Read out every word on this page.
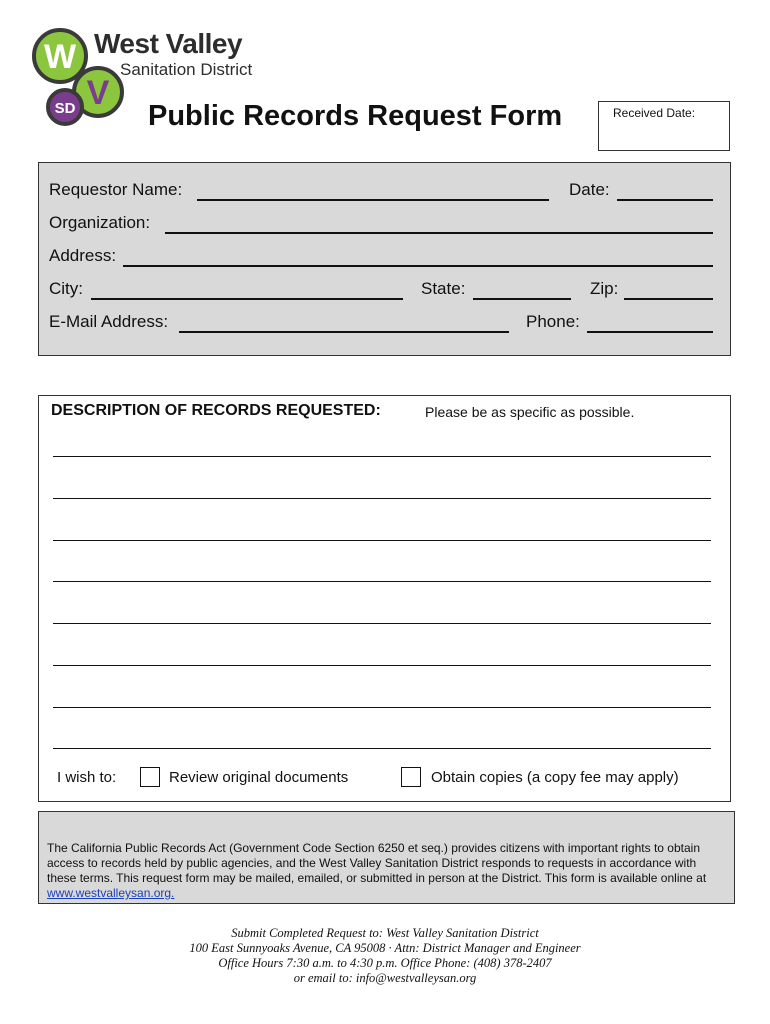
W
V
SD
West Valley
Sanitation District
Public Records Request Form	Received Date:
Requestor Name:	Date:
Organization:
Address:
City:	State:	Zip:
E-Mail Address:	Phone:
DESCRIPTION OF RECORDS REQUESTED:	Please be as specific as possible.
I wish to:	Review original documents	Obtain copies (a copy fee may apply)
The California Public Records Act (Government Code Section 6250 et seq.) provides citizens with important rights to obtain access to records held by public agencies, and the West Valley Sanitation District responds to requests in accordance with these terms. This request form may be mailed, emailed, or submitted in person at the District. This form is available online at www.westvalleysan.org.
Submit Completed Request to: West Valley Sanitation District
100 East Sunnyoaks Avenue, CA 95008 · Attn: District Manager and Engineer
Office Hours 7:30 a.m. to 4:30 p.m. Office Phone: (408) 378-2407
or email to: info@westvalleysan.org
